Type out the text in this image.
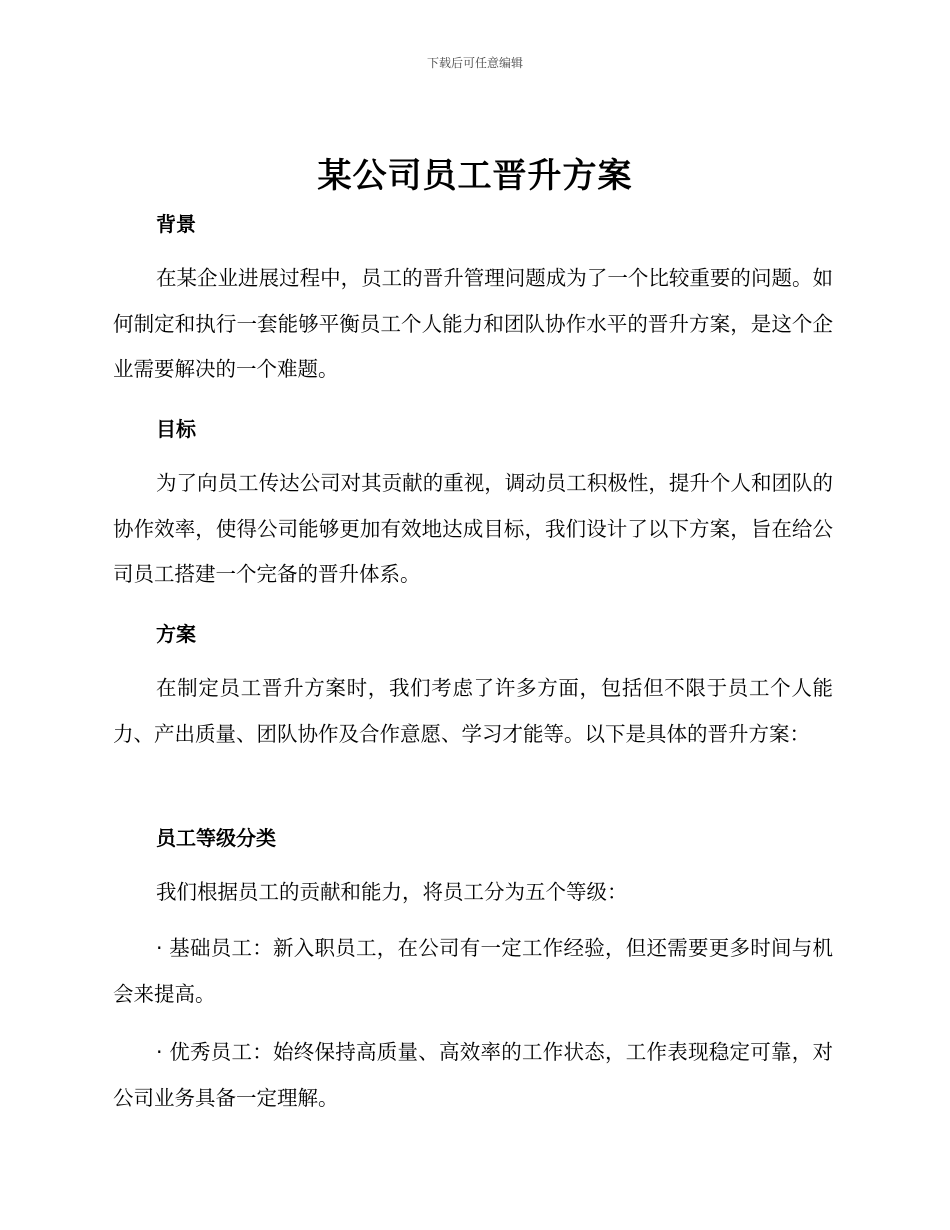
下载后可任意编辑
某公司员工晋升方案
背景
在某企业进展过程中，员工的晋升管理问题成为了一个比较重要的问题。如何制定和执行一套能够平衡员工个人能力和团队协作水平的晋升方案，是这个企业需要解决的一个难题。
目标
为了向员工传达公司对其贡献的重视，调动员工积极性，提升个人和团队的协作效率，使得公司能够更加有效地达成目标，我们设计了以下方案，旨在给公司员工搭建一个完备的晋升体系。
方案
在制定员工晋升方案时，我们考虑了许多方面，包括但不限于员工个人能力、产出质量、团队协作及合作意愿、学习才能等。以下是具体的晋升方案：
员工等级分类
我们根据员工的贡献和能力，将员工分为五个等级：
· 基础员工：新入职员工，在公司有一定工作经验，但还需要更多时间与机会来提高。
· 优秀员工：始终保持高质量、高效率的工作状态，工作表现稳定可靠，对公司业务具备一定理解。
